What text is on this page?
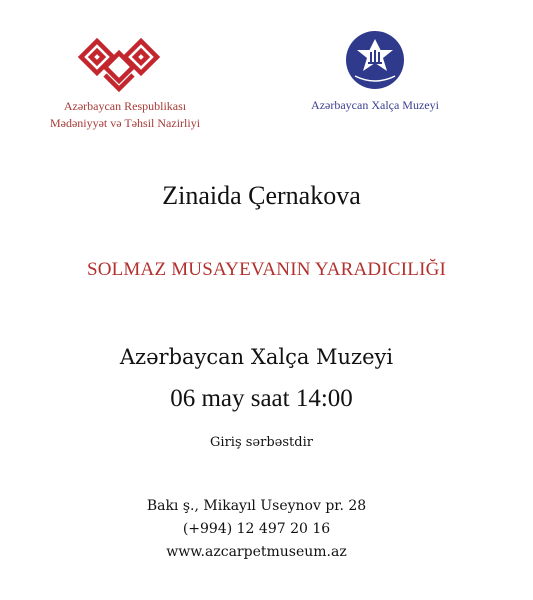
Azərbaycan Respublikası
Mədəniyyət və Təhsil Nazirliyi
Azərbaycan Xalça Muzeyi
Zinaida Çernakova
SOLMAZ MUSAYEVANIN YARADICILIĞI
Azərbaycan Xalça Muzeyi
06 may saat 14:00
Giriş sərbəstdir
Bakı ş., Mikayıl Useynov pr. 28
(+994) 12 497 20 16
www.azcarpetmuseum.az
